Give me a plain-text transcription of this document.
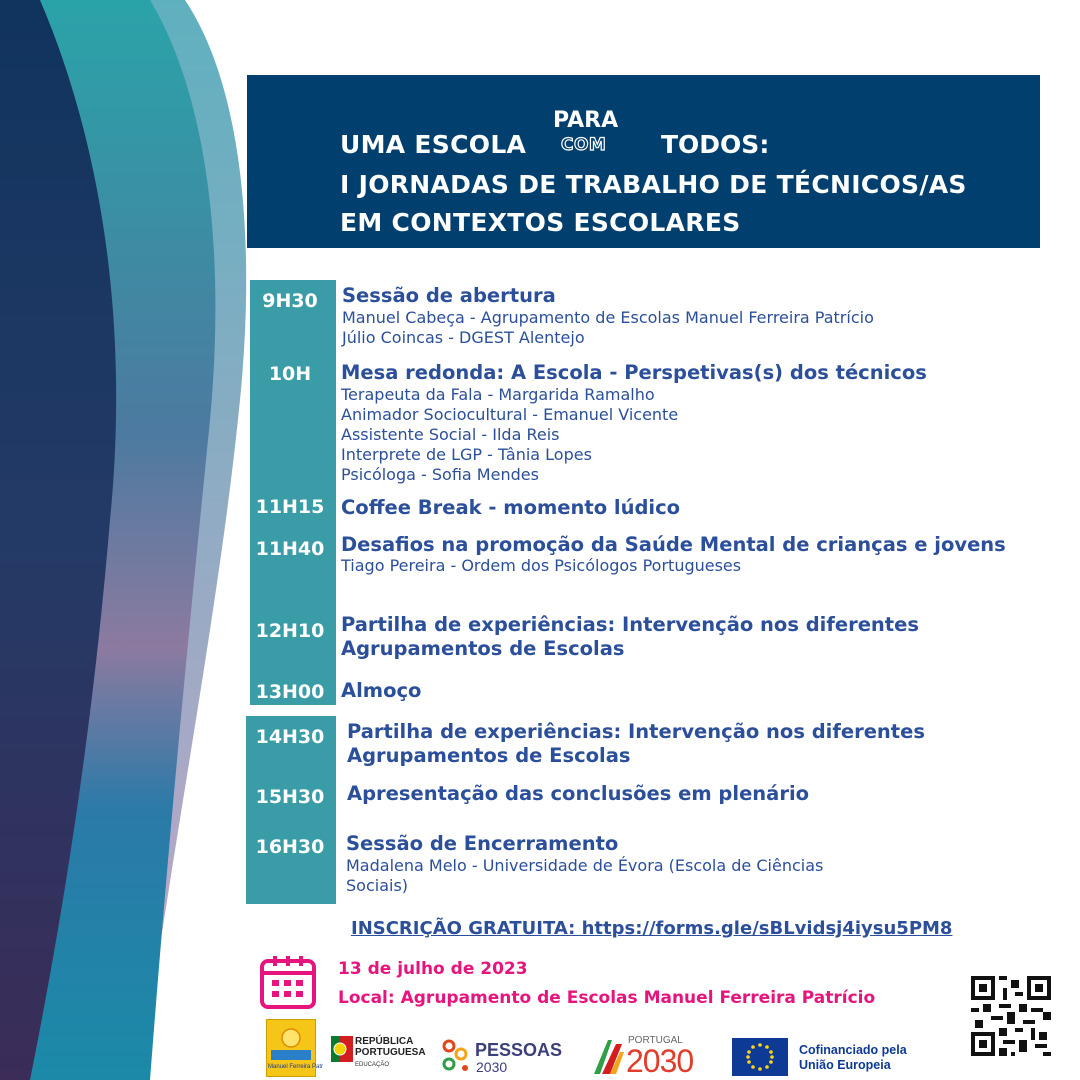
UMA ESCOLA
PARA
COM TODOS:
I JORNADAS DE TRABALHO DE TÉCNICOS/AS
EM CONTEXTOS ESCOLARES
9H30
10H
11H15
11H40
12H10
13H00
14H30
15H30
16H30
Sessão de abertura
Manuel Cabeça - Agrupamento de Escolas Manuel Ferreira Patrício
Júlio Coincas - DGEST Alentejo
Mesa redonda: A Escola - Perspetivas(s) dos técnicos
Terapeuta da Fala - Margarida Ramalho
Animador Sociocultural - Emanuel Vicente
Assistente Social - Ilda Reis
Interprete de LGP - Tânia Lopes
Psicóloga - Sofia Mendes
Coffee Break - momento lúdico
Desafios na promoção da Saúde Mental de crianças e jovens
Tiago Pereira - Ordem dos Psicólogos Portugueses
Partilha de experiências: Intervenção nos diferentes
Agrupamentos de Escolas
Almoço
Partilha de experiências: Intervenção nos diferentes
Agrupamentos de Escolas
Apresentação das conclusões em plenário
Sessão de Encerramento
Madalena Melo - Universidade de Évora (Escola de Ciências
Sociais)
INSCRIÇÃO GRATUITA: https://forms.gle/sBLvidsj4iysu5PM8
13 de julho de 2023
Local: Agrupamento de Escolas Manuel Ferreira Patrício
Manuel Ferreira Patr
REPÚBLICA
PORTUGUESA
EDUCAÇÃO
PESSOAS
2030
PORTUGAL
2030	Cofinanciado pela
União Europeia
